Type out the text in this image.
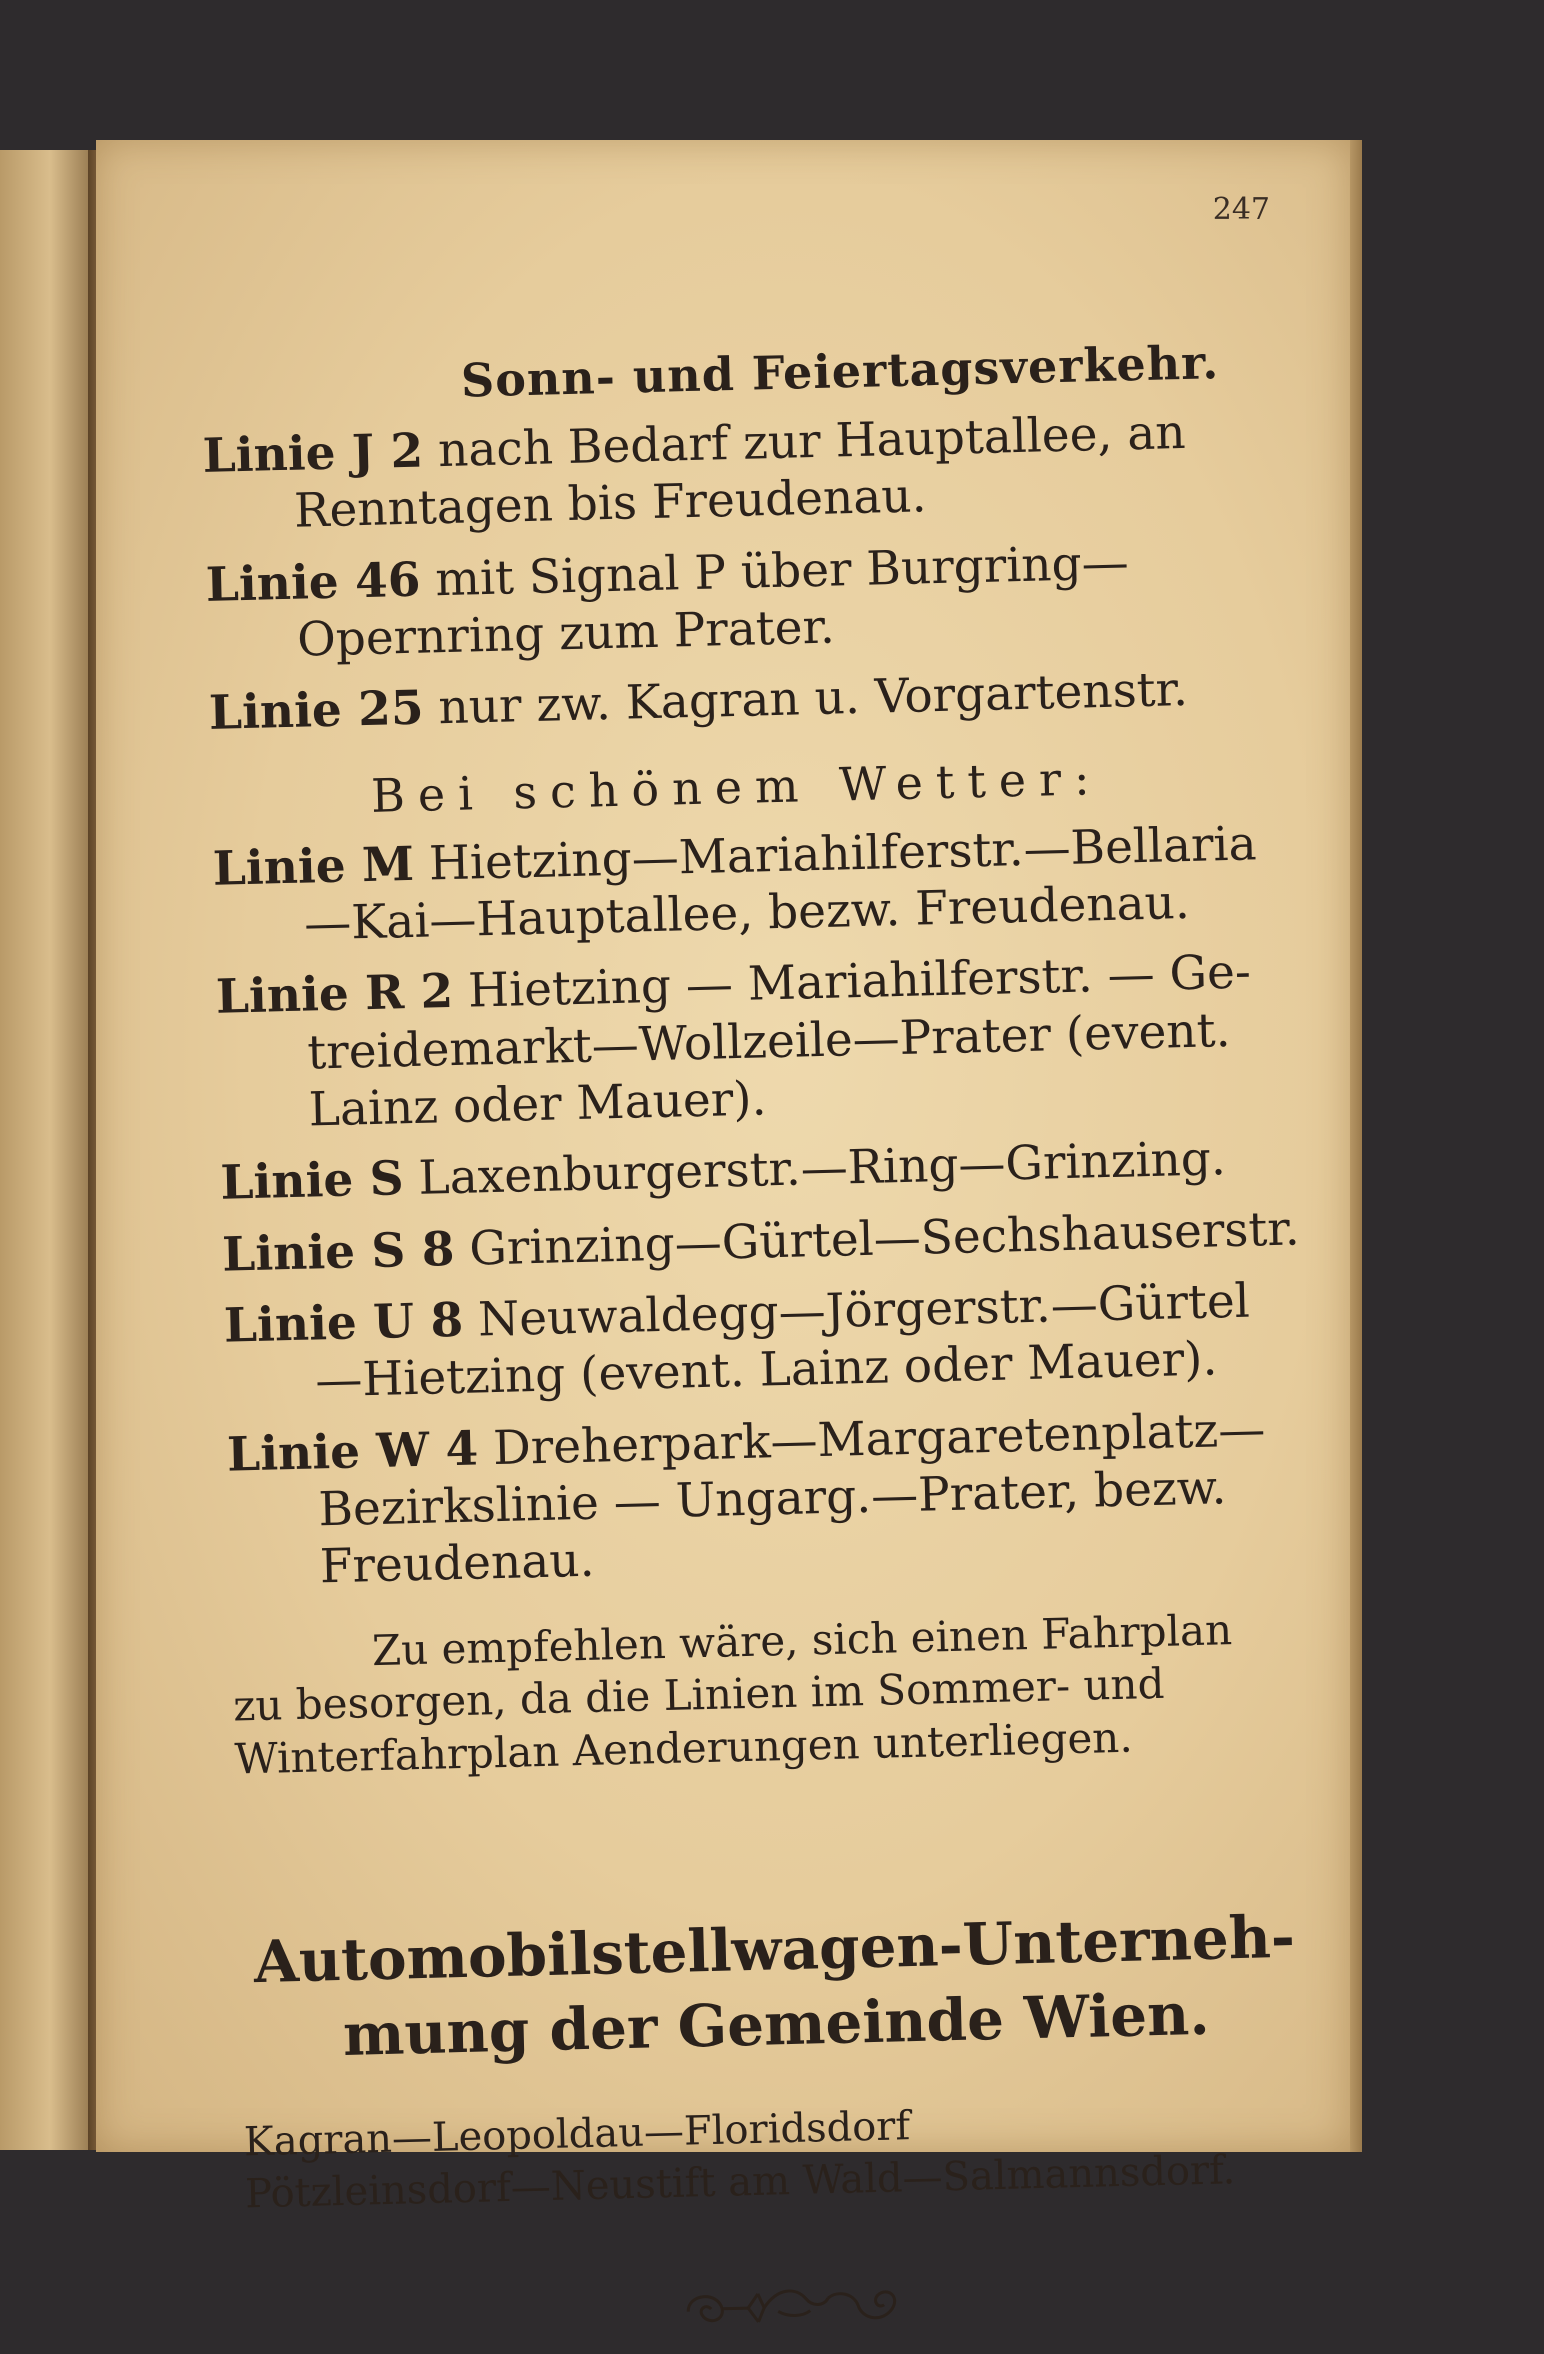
247
Sonn- und Feiertagsverkehr.
Linie J 2 nach Bedarf zur Hauptallee, an
Renntagen bis Freudenau.
Linie 46 mit Signal P über Burgring—
Opernring zum Prater.
Linie 25 nur zw. Kagran u. Vorgartenstr.
Bei schönem Wetter:
Linie M Hietzing—Mariahilferstr.—Bellaria
—Kai—Hauptallee, bezw. Freudenau.
Linie R 2 Hietzing — Mariahilferstr. — Ge-
treidemarkt—Wollzeile—Prater (event. Lainz oder Mauer).
Linie S Laxenburgerstr.—Ring—Grinzing.
Linie S 8 Grinzing—Gürtel—Sechshauserstr.
Linie U 8 Neuwaldegg—Jörgerstr.—Gürtel
—Hietzing (event. Lainz oder Mauer).
Linie W 4 Dreherpark—Margaretenplatz—
Bezirkslinie — Ungarg.—Prater, bezw. Freudenau.
Zu empfehlen wäre, sich einen Fahrplan
zu besorgen, da die Linien im Sommer- und Winterfahrplan Aenderungen unterliegen.
Automobilstellwagen-Unterneh-
mung der Gemeinde Wien.
Kagran—Leopoldau—Floridsdorf
Pötzleinsdorf—Neustift am Wald—Salmannsdorf.
